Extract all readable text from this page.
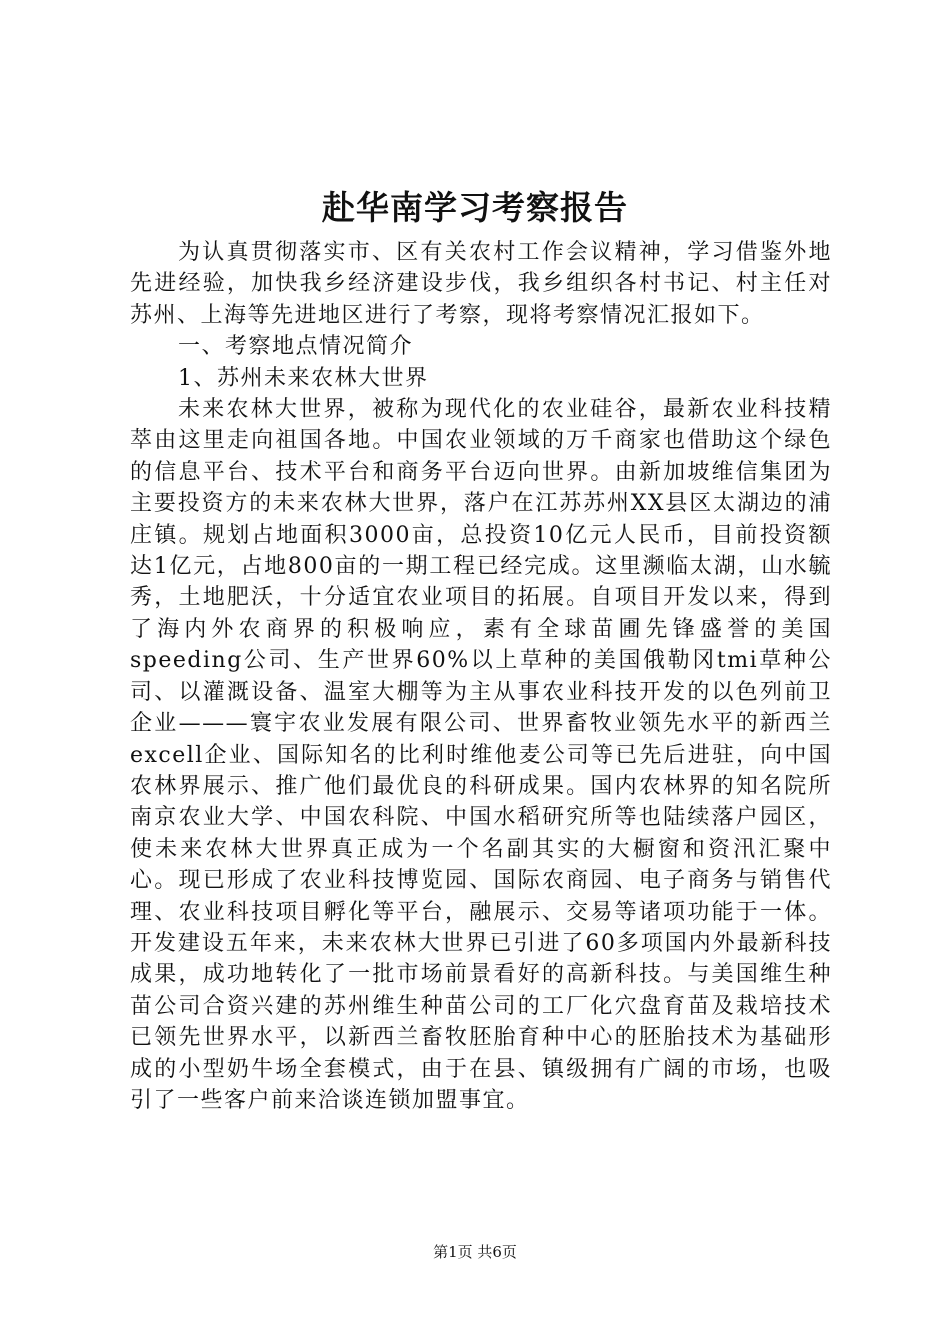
赴华南学习考察报告

为认真贯彻落实市、区有关农村工作会议精神，学习借鉴外地先进经验，加快我乡经济建设步伐，我乡组织各村书记、村主任对苏州、上海等先进地区进行了考察，现将考察情况汇报如下。

一、考察地点情况简介

1、苏州未来农林大世界

未来农林大世界，被称为现代化的农业硅谷，最新农业科技精萃由这里走向祖国各地。中国农业领域的万千商家也借助这个绿色的信息平台、技术平台和商务平台迈向世界。由新加坡维信集团为主要投资方的未来农林大世界，落户在江苏苏州XX县区太湖边的浦庄镇。规划占地面积3000亩，总投资10亿元人民币，目前投资额达1亿元，占地800亩的一期工程已经完成。这里濒临太湖，山水毓秀，土地肥沃，十分适宜农业项目的拓展。自项目开发以来，得到了海内外农商界的积极响应，素有全球苗圃先锋盛誉的美国speeding公司、生产世界60%以上草种的美国俄勒冈tmi草种公司、以灌溉设备、温室大棚等为主从事农业科技开发的以色列前卫企业———寰宇农业发展有限公司、世界畜牧业领先水平的新西兰excell企业、国际知名的比利时维他麦公司等已先后进驻，向中国农林界展示、推广他们最优良的科研成果。国内农林界的知名院所南京农业大学、中国农科院、中国水稻研究所等也陆续落户园区，使未来农林大世界真正成为一个名副其实的大橱窗和资汛汇聚中心。现已形成了农业科技博览园、国际农商园、电子商务与销售代理、农业科技项目孵化等平台，融展示、交易等诸项功能于一体。开发建设五年来，未来农林大世界已引进了60多项国内外最新科技成果，成功地转化了一批市场前景看好的高新科技。与美国维生种苗公司合资兴建的苏州维生种苗公司的工厂化穴盘育苗及栽培技术已领先世界水平，以新西兰畜牧胚胎育种中心的胚胎技术为基础形成的小型奶牛场全套模式，由于在县、镇级拥有广阔的市场，也吸引了一些客户前来洽谈连锁加盟事宜。

第1页 共6页
